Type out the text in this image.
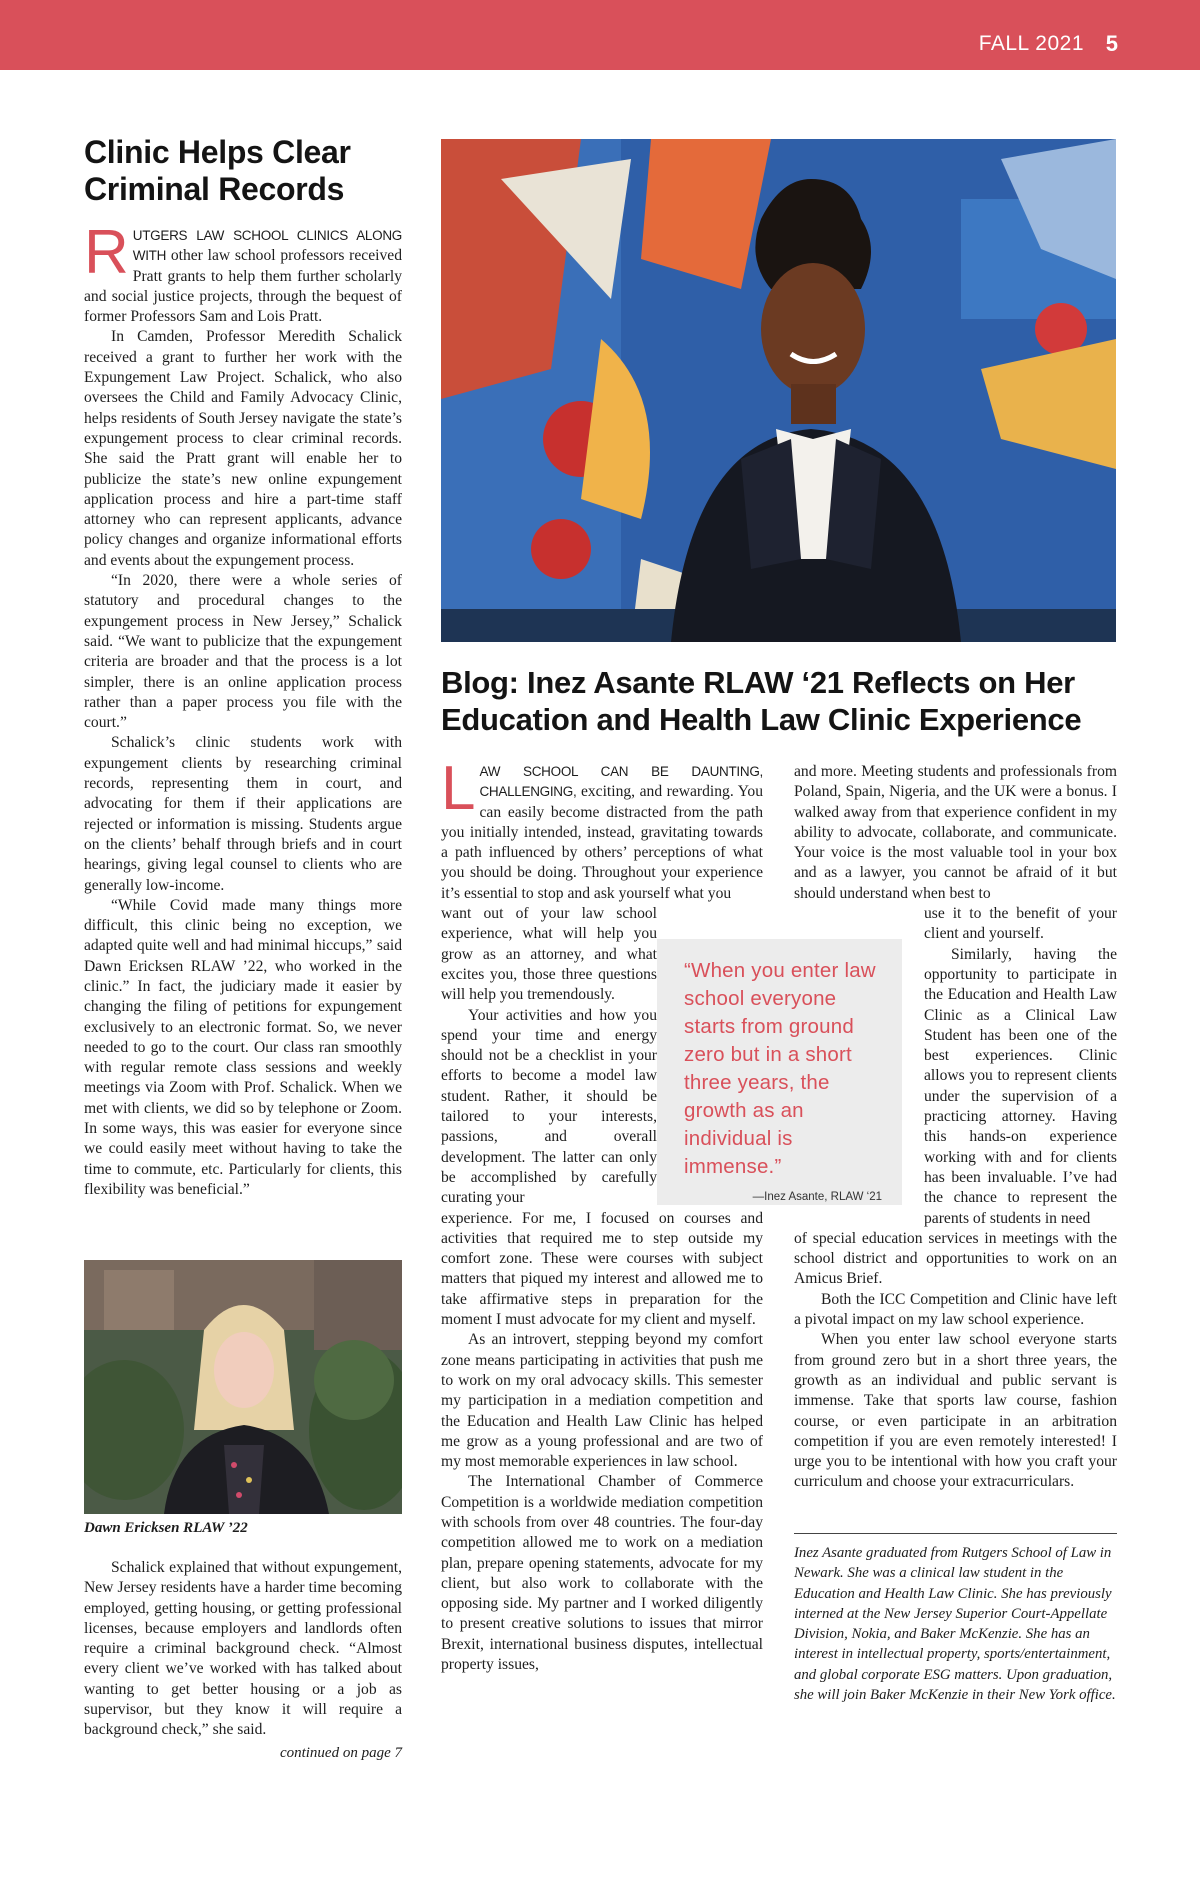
FALL 2021 5
Clinic Helps Clear Criminal Records

RUTGERS LAW SCHOOL CLINICS ALONG WITH other law school professors received Pratt grants to help them further scholarly and social justice projects, through the bequest of former Professors Sam and Lois Pratt.

In Camden, Professor Meredith Schalick received a grant to further her work with the Expungement Law Project. Schalick, who also oversees the Child and Family Advocacy Clinic, helps residents of South Jersey navigate the state’s expungement process to clear criminal records. She said the Pratt grant will enable her to publicize the state’s new online expungement application process and hire a part-time staff attorney who can represent applicants, advance policy changes and organize informational efforts and events about the expungement process.

“In 2020, there were a whole series of statutory and procedural changes to the expungement process in New Jersey,” Schalick said. “We want to publicize that the expungement criteria are broader and that the process is a lot simpler, there is an online application process rather than a paper process you file with the court.”

Schalick’s clinic students work with expungement clients by researching criminal records, representing them in court, and advocating for them if their applications are rejected or information is missing. Students argue on the clients’ behalf through briefs and in court hearings, giving legal counsel to clients who are generally low-income.

“While Covid made many things more difficult, this clinic being no exception, we adapted quite well and had minimal hiccups,” said Dawn Ericksen RLAW ’22, who worked in the clinic.” In fact, the judiciary made it easier by changing the filing of petitions for expungement exclusively to an electronic format. So, we never needed to go to the court. Our class ran smoothly with regular remote class sessions and weekly meetings via Zoom with Prof. Schalick. When we met with clients, we did so by telephone or Zoom. In some ways, this was easier for everyone since we could easily meet without having to take the time to commute, etc. Particularly for clients, this flexibility was beneficial.”

Dawn Ericksen RLAW ’22

Schalick explained that without expungement, New Jersey residents have a harder time becoming employed, getting housing, or getting professional licenses, because employers and landlords often require a criminal background check. “Almost every client we’ve worked with has talked about wanting to get better housing or a job as supervisor, but they know it will require a background check,” she said.

continued on page 7
Blog: Inez Asante RLAW ‘21 Reflects on Her Education and Health Law Clinic Experience

LAW SCHOOL CAN BE DAUNTING, CHALLENGING, exciting, and rewarding. You can easily become distracted from the path you initially intended, instead, gravitating towards a path influenced by others’ perceptions of what you should be doing. Throughout your experience it’s essential to stop and ask yourself what you

want out of your law school experience, what will help you grow as an attorney, and what excites you, those three questions will help you tremendously.

Your activities and how you spend your time and energy should not be a checklist in your efforts to become a model law student. Rather, it should be tailored to your interests, passions, and overall development. The latter can only be accomplished by carefully curating your

experience. For me, I focused on courses and activities that required me to step outside my comfort zone. These were courses with subject matters that piqued my interest and allowed me to take affirmative steps in preparation for the moment I must advocate for my client and myself.

As an introvert, stepping beyond my comfort zone means participating in activities that push me to work on my oral advocacy skills. This semester my participation in a mediation competition and the Education and Health Law Clinic has helped me grow as a young professional and are two of my most memorable experiences in law school.

The International Chamber of Commerce Competition is a worldwide mediation competition with schools from over 48 countries. The four-day competition allowed me to work on a mediation plan, prepare opening statements, advocate for my client, but also work to collaborate with the opposing side. My partner and I worked diligently to present creative solutions to issues that mirror Brexit, international business disputes, intellectual property issues,

and more. Meeting students and professionals from Poland, Spain, Nigeria, and the UK were a bonus. I walked away from that experience confident in my ability to advocate, collaborate, and communicate. Your voice is the most valuable tool in your box and as a lawyer, you cannot be afraid of it but should understand when best to

use it to the benefit of your client and yourself.

Similarly, having the opportunity to participate in the Education and Health Law Clinic as a Clinical Law Student has been one of the best experiences. Clinic allows you to represent clients under the supervision of a practicing attorney. Having this hands-on experience working with and for clients has been invaluable. I’ve had the chance to represent the parents of students in need

of special education services in meetings with the school district and opportunities to work on an Amicus Brief.

Both the ICC Competition and Clinic have left a pivotal impact on my law school experience.

When you enter law school everyone starts from ground zero but in a short three years, the growth as an individual and public servant is immense. Take that sports law course, fashion course, or even participate in an arbitration competition if you are even remotely interested! I urge you to be intentional with how you craft your curriculum and choose your extracurriculars.

“When you enter law school everyone starts from ground zero but in a short three years, the growth as an individual is immense.”
—Inez Asante, RLAW ‘21
Inez Asante graduated from Rutgers School of Law in Newark. She was a clinical law student in the Education and Health Law Clinic. She has previously interned at the New Jersey Superior Court-Appellate Division, Nokia, and Baker McKenzie. She has an interest in intellectual property, sports/entertainment, and global corporate ESG matters. Upon graduation, she will join Baker McKenzie in their New York office.
